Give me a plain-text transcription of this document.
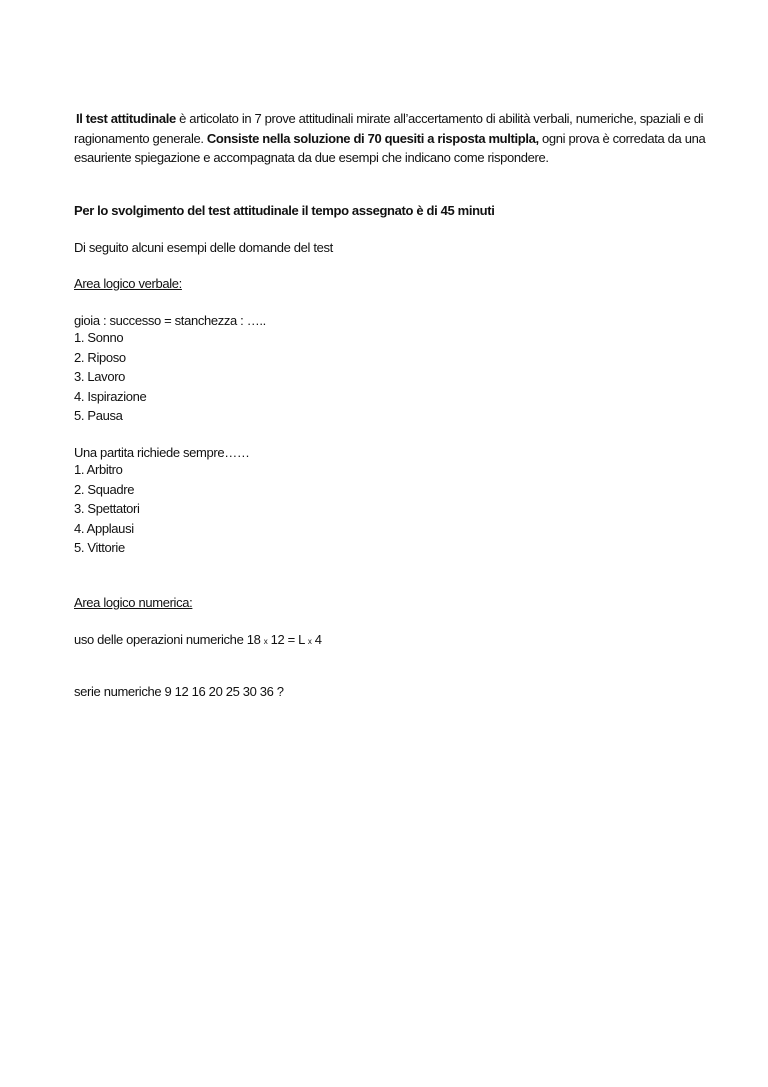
Il test attitudinale è articolato in 7 prove attitudinali mirate all’accertamento di abilità verbali, numeriche, spaziali e di ragionamento generale. Consiste nella soluzione di 70 quesiti a risposta multipla, ogni prova è corredata da una esauriente spiegazione e accompagnata da due esempi che indicano come rispondere.
Per lo svolgimento del test attitudinale il tempo assegnato è di 45 minuti
Di seguito alcuni esempi delle domande del test
Area logico verbale:
gioia : successo = stanchezza : …..
1. Sonno
2. Riposo
3. Lavoro
4. Ispirazione
5. Pausa
Una partita richiede sempre……
1. Arbitro
2. Squadre
3. Spettatori
4. Applausi
5. Vittorie
Area logico numerica:
uso delle operazioni numeriche 18 x 12 = L x 4
serie numeriche 9 12 16 20 25 30 36 ?
